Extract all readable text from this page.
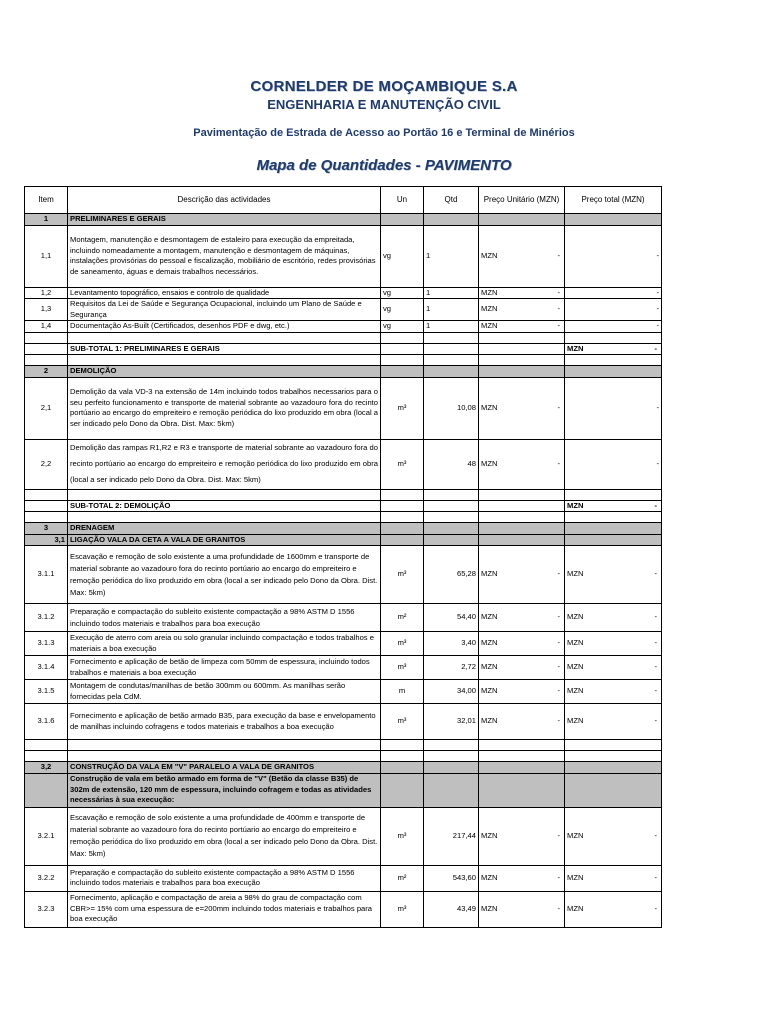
CORNELDER DE MOÇAMBIQUE S.A
ENGENHARIA E MANUTENÇÃO CIVIL
Pavimentação de Estrada de Acesso ao Portão 16 e Terminal de Minérios
Mapa de Quantidades - PAVIMENTO
Item	Descrição das actividades	Un	Qtd	Preço Unitário (MZN)	Preço total (MZN)
1	PRELIMINARES E GERAIS				
1,1	Montagem, manutenção e desmontagem de estaleiro para execução da empreitada, incluindo nomeadamente a montagem, manutenção e desmontagem de máquinas, instalações provisórias do pessoal e fiscalização, mobiliário de escritório, redes provisórias de saneamento, águas e demais trabalhos necessários.	vg	1	MZN -	-
1,2	Levantamento topográfico, ensaios e controlo de qualidade	vg	1	MZN -	-
1,3	Requisitos da Lei de Saúde e Segurança Ocupacional, incluindo um Plano de Saúde e Segurança	vg	1	MZN -	-
1,4	Documentação As-Built (Certificados, desenhos PDF e dwg, etc.)	vg	1	MZN -	-

	SUB-TOTAL 1: PRELIMINARES E GERAIS				MZN -

2	DEMOLIÇÃO				
2,1	Demolição da vala VD-3 na extensão de 14m incluindo todos trabalhos necessarios para o seu perfeito funcionamento e transporte de material sobrante ao vazadouro fora do recinto portúario ao encargo do empreiteiro e remoção periódica do lixo produzido em obra (local a ser indicado pelo Dono da Obra. Dist. Max: 5km)	m³	10,08	MZN -	-
2,2	Demolição das rampas R1,R2 e R3 e transporte de material sobrante ao vazadouro fora do recinto portúario ao encargo do empreiteiro e remoção periódica do lixo produzido em obra (local a ser indicado pelo Dono da Obra. Dist. Max: 5km)	m³	48	MZN -	-

	SUB-TOTAL 2: DEMOLIÇÃO				MZN -

3	DRENAGEM				
3,1	LIGAÇÃO VALA DA CETA A VALA DE GRANITOS				
3.1.1	Escavação e remoção de solo existente a uma profundidade de 1600mm e transporte de material sobrante ao vazadouro fora do recinto portúario ao encargo do empreiteiro e remoção periódica do lixo produzido em obra (local a ser indicado pelo Dono da Obra. Dist. Max: 5km)	m³	65,28	MZN -	MZN -

3.1.2	Preparação e compactação do subleito existente compactação a 98% ASTM D 1556 incluindo todos materiais e trabalhos para boa execução	m²	54,40	MZN -	MZN -

3.1.3	Execução de aterro com areia ou solo granular incluindo compactação e todos trabalhos e materiais a boa execução	m³	3,40	MZN -	MZN -

3.1.4	Fornecimento e aplicação de betão de limpeza com 50mm de espessura, incluindo todos trabalhos e materiais a boa execução	m³	2,72	MZN -	MZN -

3.1.5	Montagem de condutas/manilhas de betão 300mm ou 600mm. As manilhas serão fornecidas pela CdM.	m	34,00	MZN -	MZN -

3.1.6	Fornecimento e aplicação de betão armado B35, para execução da base e envelopamento de manilhas incluindo cofragens e todos materiais e trabalhos a boa execução	m³	32,01	MZN -	MZN -

3,2	CONSTRUÇÃO DA VALA EM "V" PARALELO A VALA DE GRANITOS				
	Construção de vala em betão armado em forma de "V" (Betão da classe B35) de 302m de extensão, 120 mm de espessura, incluindo cofragem e todas as atividades necessárias à sua execução:				
3.2.1	Escavação e remoção de solo existente a uma profundidade de 400mm e transporte de material sobrante ao vazadouro fora do recinto portúario ao encargo do empreiteiro e remoção periódica do lixo produzido em obra (local a ser indicado pelo Dono da Obra. Dist. Max: 5km)	m³	217,44	MZN -	MZN -

3.2.2	Preparação e compactação do subleito existente compactação a 98% ASTM D 1556 incluindo todos materiais e trabalhos para boa execução	m²	543,60	MZN -	MZN -

3.2.3	Fornecimento, aplicação e compactação de areia a 98% do grau de compactação com CBR>= 15% com uma espessura de e=200mm incluindo todos materiais e trabalhos para boa execução	m³	43,49	MZN -	MZN -
